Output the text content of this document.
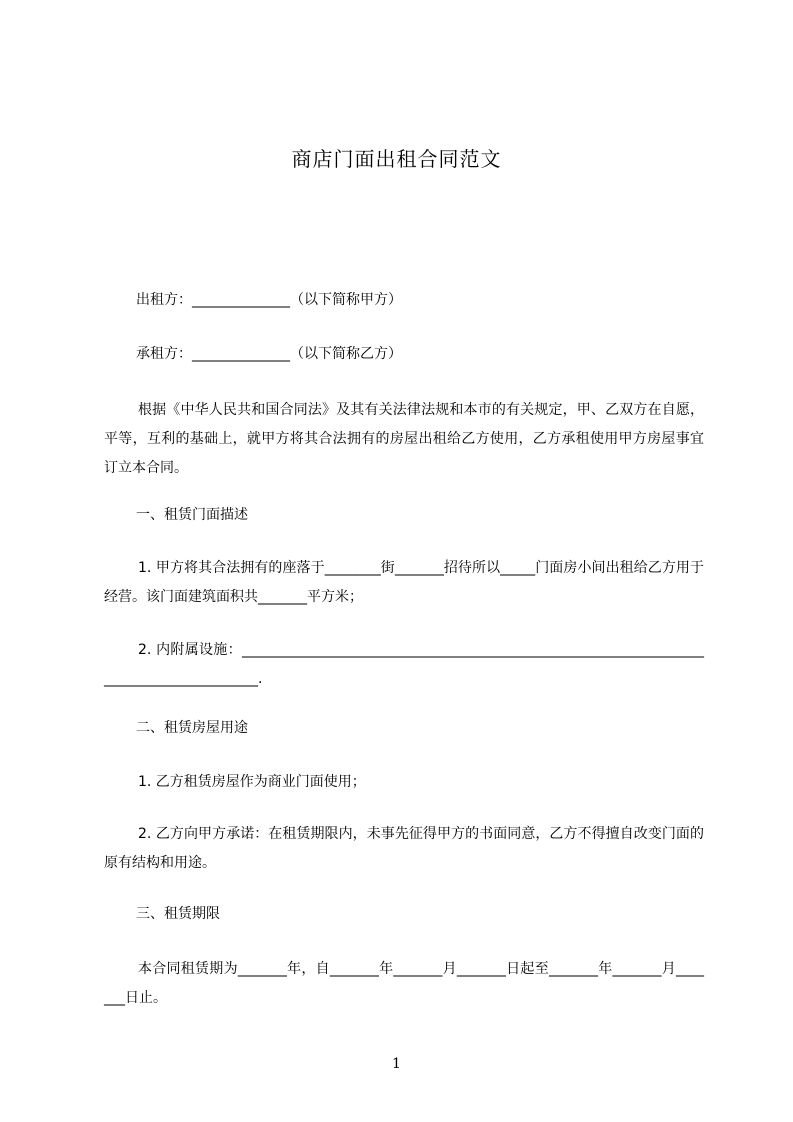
商店门面出租合同范文
出租方：______________（以下简称甲方）
承租方：______________（以下简称乙方）
根据《中华人民共和国合同法》及其有关法律法规和本市的有关规定，甲、乙双方在自愿，平等，互利的基础上，就甲方将其合法拥有的房屋出租给乙方使用，乙方承租使用甲方房屋事宜订立本合同。
一、租赁门面描述
1. 甲方将其合法拥有的座落于________街_______招待所以_____门面房小间出租给乙方用于经营。该门面建筑面积共_______平方米；
2. 内附属设施：________________________________________________________________________________________.
二、租赁房屋用途
1. 乙方租赁房屋作为商业门面使用；
2. 乙方向甲方承诺：在租赁期限内，未事先征得甲方的书面同意，乙方不得擅自改变门面的原有结构和用途。
三、租赁期限
本合同租赁期为_______年，自_______年_______月_______日起至_______年_______月_______日止。
1
